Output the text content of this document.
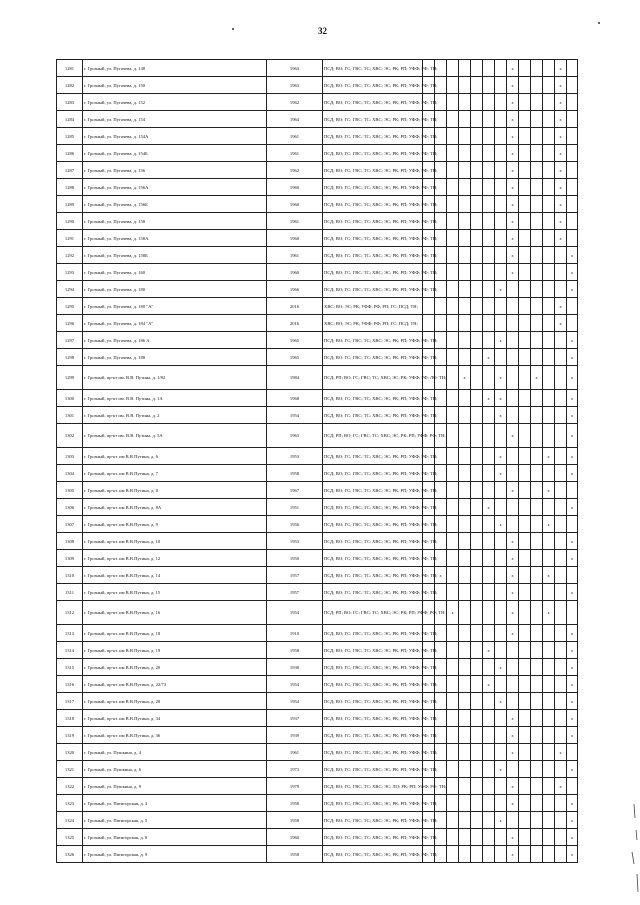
32
1281	г. Грозный, ул. Пугачева, д. 148	1963	ПСД; ВО; ГС; ГВС; ТС; ХВС; ЭС; РК; РП; УФФ; РФ; ТН;								x				x	
1282	г. Грозный, ул. Пугачева, д. 150	1963	ПСД; ВО; ГС; ГВС; ТС; ХВС; ЭС; РК; РП; УФФ; РФ; ТН;								x				x	
1283	г. Грозный, ул. Пугачева, д. 152	1962	ПСД; ВО; ГС; ГВС; ТС; ХВС; ЭС; РК; РП; УФФ; РФ; ТН;								x				x	
1284	г. Грозный, ул. Пугачева, д. 154	1964	ПСД; ВО; ГС; ГВС; ТС; ХВС; ЭС; РК; РП; УФФ; РФ; ТН;								x				x	
1285	г. Грозный, ул. Пугачева, д. 154А	1961	ПСД; ВО; ГС; ГВС; ТС; ХВС; ЭС; РК; РП; УФФ; РФ; ТН;								x				x	
1286	г. Грозный, ул. Пугачева, д. 154Б	1961	ПСД; ВО; ГС; ГВС; ТС; ХВС; ЭС; РК; РП; УФФ; РФ; ТН;								x				x	
1287	г. Грозный, ул. Пугачева, д. 156	1962	ПСД; ВО; ГС; ГВС; ТС; ХВС; ЭС; РК; РП; УФФ; РФ; ТН;								x				x	
1288	г. Грозный, ул. Пугачева, д. 156А	1960	ПСД; ВО; ГС; ГВС; ТС; ХВС; ЭС; РК; РП; УФФ; РФ; ТН;								x				x	
1289	г. Грозный, ул. Пугачева, д. 156Б	1960	ПСД; ВО; ГС; ГВС; ТС; ХВС; ЭС; РК; РП; УФФ; РФ; ТН;								x				x	
1290	г. Грозный, ул. Пугачева, д. 158	1961	ПСД; ВО; ГС; ГВС; ТС; ХВС; ЭС; РК; РП; УФФ; РФ; ТН;								x				x	
1291	г. Грозный, ул. Пугачева, д. 158А	1960	ПСД; ВО; ГС; ГВС; ТС; ХВС; ЭС; РК; РП; УФФ; РФ; ТН;								x				x	
1292	г. Грозный, ул. Пугачева, д. 158Б	1961	ПСД; ВО; ГС; ГВС; ТС; ХВС; ЭС; РК; РП; УФФ; РФ; ТН;								x					x
1293	г. Грозный, ул. Пугачева, д. 160	1960	ПСД; ВО; ГС; ГВС; ТС; ХВС; ЭС; РК; РП; УФФ; РФ; ТН;								x					x
1294	г. Грозный, ул. Пугачева, д. 180	1966	ПСД; ВО; ГС; ГВС; ТС; ХВС; ЭС; РК; РП; УФФ; РФ; ТН;							x						x
1295	г. Грозный, ул. Пугачева, д. 180 "А"	2016	ХВС; ВО; ЭС; РК; УФФ; РФ; РП; ГС; ПСД; ТН;												x	
1296	г. Грозный, ул. Пугачева, д. 184 "А"	2016	ХВС; ВО; ЭС; РК; УФФ; РФ; РП; ГС; ПСД; ТН;												x	
1297	г. Грозный, ул. Пугачева, д. 186 А	1965	ПСД; ВО; ГС; ГВС; ТС; ХВС; ЭС; РК; РП; УФФ; РФ; ТН;							x						x
1298	г. Грозный, ул. Пугачева, д. 188	1965	ПСД; ВО; ГС; ГВС; ТС; ХВС; ЭС; РК; РП; УФФ; РФ; ТН;						x							x
1299	г. Грозный, пр-кт им. В.В. Путина, д. 1/82	1984	ПСД; РП; ВО; ГС; ГВС; ТС; ХВС; ЭС; РК; УФФ; РФ; ЛО; ТН;				x			x			x			x
1300	г. Грозный, пр-кт им. В.В. Путина, д. 1А	1968	ПСД; ВО; ГС; ГВС; ТС; ХВС; ЭС; РК; РП; УФФ; РФ; ТН;						x	x						x
1301	г. Грозный, пр-кт им. В.В. Путина, д. 2	1954	ПСД; ВО; ГС; ГВС; ТС; ХВС; ЭС; РК; РП; УФФ; РФ; ТН;							x						x
1302	г. Грозный, пр-кт им. В.В. Путина, д. 5А	1963	ПСД; РП; ВО; ГС; ГВС; ТС; ХВС; ЭС; РК; РП; УФФ; РФ; ТН;								x					x
1303	г. Грозный, пр-кт. им В.В.Путина, д. 6	1953	ПСД; ВО; ГС; ГВС; ТС; ХВС; ЭС; РК; РП; УФФ; РФ; ТН;							x				x		x
1304	г. Грозный, пр-кт. им В.В.Путина, д. 7	1958	ПСД; ВО; ГС; ГВС; ТС; ХВС; ЭС; РК; РП; УФФ; РФ; ТН;							x						x
1305	г. Грозный, пр-кт. им В.В.Путина, д. 8	1967	ПСД; ВО; ГС; ГВС; ТС; ХВС; ЭС; РК; РП; УФФ; РФ; ТН;								x			x		
1306	г. Грозный, пр-кт. им В.В.Путина, д. 8А	1951	ПСД; ВО; ГС; ГВС; ТС; ХВС; ЭС; РК; РП; УФФ; РФ; ТН;						x							x
1307	г. Грозный, пр-кт. им В.В.Путина, д. 9	1956	ПСД; ВО; ГС; ГВС; ТС; ХВС; ЭС; РК; РП; УФФ; РФ; ТН;							x				x		
1308	г. Грозный, пр-кт. им В.В.Путина, д. 10	1953	ПСД; ВО; ГС; ГВС; ТС; ХВС; ЭС; РК; РП; УФФ; РФ; ТН;								x					x
1309	г. Грозный, пр-кт. им В.В.Путина, д. 12	1950	ПСД; ВО; ГС; ГВС; ТС; ХВС; ЭС; РК; РП; УФФ; РФ; ТН;								x					x
1310	г. Грозный, пр-кт. им В.В.Путина, д. 14	1957	ПСД; ВО; ГС; ГВС; ТС; ХВС; ЭС; РК; РП; УФФ; РФ; ТН;		x						x			x		
1311	г. Грозный, пр-кт. им В.В.Путина, д. 15	1957	ПСД; ВО; ГС; ГВС; ТС; ХВС; ЭС; РК; РП; УФФ; РФ; ТН;								x					x
1312	г. Грозный, пр-кт. им В.В.Путина, д. 16	1954	ПСД; РП; ВО; ГС; ГВС; ТС; ХВС; ЭС; РК; РП; УФФ; РФ; ТН;			x					x			x		
1313	г. Грозный, пр-кт. им В.В.Путина, д. 18	1910	ПСД; ВО; ГС; ГВС; ТС; ХВС; ЭС; РК; РП; УФФ; РФ; ТН;								x					x
1314	г. Грозный, пр-кт. им В.В.Путина, д. 19	1958	ПСД; ВО; ГС; ГВС; ТС; ХВС; ЭС; РК; РП; УФФ; РФ; ТН;						x							x
1315	г. Грозный, пр-кт. им В.В.Путина, д. 20	1938	ПСД; ВО; ГС; ГВС; ТС; ХВС; ЭС; РК; РП; УФФ; РФ; ТН;							x						x
1316	г. Грозный, пр-кт. им В.В.Путина, д. 22/73	1954	ПСД; ВО; ГС; ГВС; ТС; ХВС; ЭС; РК; РП; УФФ; РФ; ТН;						x							x
1317	г. Грозный, пр-кт. им В.В.Путина, д. 28	1954	ПСД; ВО; ГС; ГВС; ТС; ХВС; ЭС; РК; РП; УФФ; РФ; ТН;							x						x
1318	г. Грозный, пр-кт. им В.В.Путина, д. 34	1937	ПСД; ВО; ГС; ГВС; ТС; ХВС; ЭС; РК; РП; УФФ; РФ; ТН;								x					x
1319	г. Грозный, пр-кт. им В.В.Путина, д. 36	1939	ПСД; ВО; ГС; ГВС; ТС; ХВС; ЭС; РК; РП; УФФ; РФ; ТН;								x					x
1320	г. Грозный, ул. Пушкина, д. 4	1961	ПСД; ВО; ГС; ГВС; ТС; ХВС; ЭС; РК; РП; УФФ; РФ; ТН;								x				x	
1321	г. Грозный, ул. Пушкина, д. 6	1973	ПСД; ВО; ГС; ГВС; ТС; ХВС; ЭС; РК; РП; УФФ; РФ; ТН;							x						x
1322	г. Грозный, ул. Пушкина, д. 9	1979	ПСД; ВО; ГС; ГВС; ТС; ХВС; ЭС; ЛО; РК; РП; УФФ; РФ; ТН;								x				x	
1323	г. Грозный, ул. Пятигорская, д. 3	1958	ПСД; ВО; ГС; ГВС; ТС; ХВС; ЭС; РК; РП; УФФ; РФ; ТН;								x					x
1324	г. Грозный, ул. Пятигорская, д. 5	1958	ПСД; ВО; ГС; ГВС; ТС; ХВС; ЭС; РК; РП; УФФ; РФ; ТН;							x						x
1325	г. Грозный, ул. Пятигорская, д. 8	1960	ПСД; ВО; ГС; ГВС; ТС; ХВС; ЭС; РК; РП; УФФ; РФ; ТН;								x					x
1326	г. Грозный, ул. Пятигорская, д. 9	1958	ПСД; ВО; ГС; ГВС; ТС; ХВС; ЭС; РК; РП; УФФ; РФ; ТН;								x					x
